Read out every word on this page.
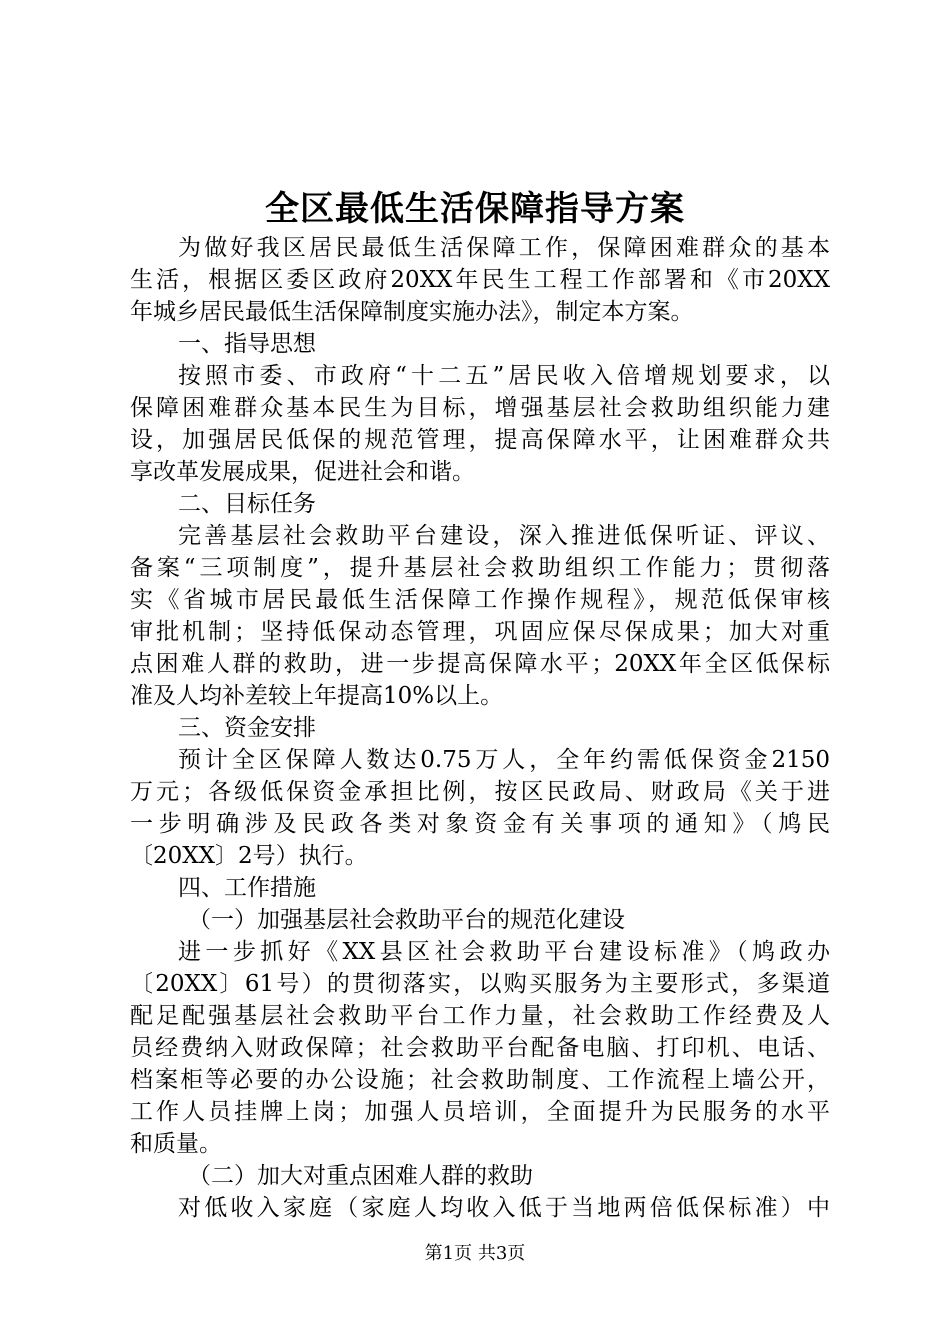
全区最低生活保障指导方案
为做好我区居民最低生活保障工作，保障困难群众的基本
生活，根据区委区政府20XX年民生工程工作部署和《市20XX
年城乡居民最低生活保障制度实施办法》，制定本方案。
一、指导思想
按照市委、市政府“十二五”居民收入倍增规划要求，以
保障困难群众基本民生为目标，增强基层社会救助组织能力建
设，加强居民低保的规范管理，提高保障水平，让困难群众共
享改革发展成果，促进社会和谐。
二、目标任务
完善基层社会救助平台建设，深入推进低保听证、评议、
备案“三项制度”，提升基层社会救助组织工作能力；贯彻落
实《省城市居民最低生活保障工作操作规程》，规范低保审核
审批机制；坚持低保动态管理，巩固应保尽保成果；加大对重
点困难人群的救助，进一步提高保障水平；20XX年全区低保标
准及人均补差较上年提高10%以上。
三、资金安排
预计全区保障人数达0.75万人，全年约需低保资金2150
万元；各级低保资金承担比例，按区民政局、财政局《关于进
一步明确涉及民政各类对象资金有关事项的通知》（鸠民
〔20XX〕2号）执行。
四、工作措施
（一）加强基层社会救助平台的规范化建设
进一步抓好《XX县区社会救助平台建设标准》（鸠政办
〔20XX〕61号）的贯彻落实，以购买服务为主要形式，多渠道
配足配强基层社会救助平台工作力量，社会救助工作经费及人
员经费纳入财政保障；社会救助平台配备电脑、打印机、电话、
档案柜等必要的办公设施；社会救助制度、工作流程上墙公开，
工作人员挂牌上岗；加强人员培训，全面提升为民服务的水平
和质量。
（二）加大对重点困难人群的救助
对低收入家庭（家庭人均收入低于当地两倍低保标准）中
第1页 共3页
